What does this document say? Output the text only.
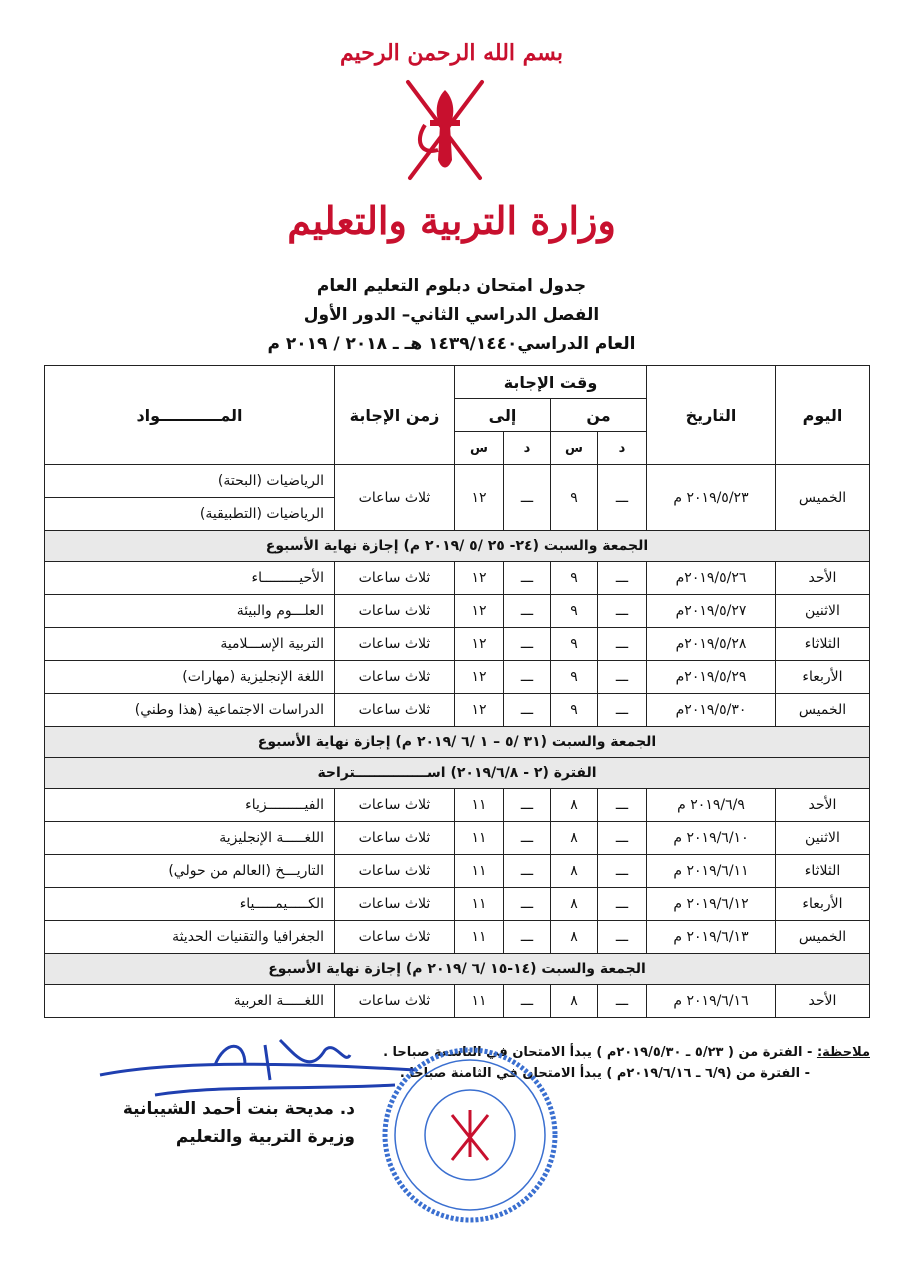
بسم الله الرحمن الرحيم
وزارة التربية والتعليم
جدول امتحان دبلوم التعليم العام
الفصل الدراسي الثاني– الدور الأول
العام الدراسي١٤٣٩/١٤٤٠ هـ ـ ٢٠١٨ / ٢٠١٩ م
اليوم	التاريخ	وقت الإجابة				زمن الإجابة	المـــــــــــواد
		من		إلى			
		د	س	د	س		
الخميس	٢٠١٩/٥/٢٣ م	ـــ	٩	ـــ	١٢	ثلاث ساعات	الرياضيات (البحتة)
							الرياضيات (التطبيقية)
الجمعة والسبت (٢٤- ٢٥ /٥ /٢٠١٩ م) إجازة نهاية الأسبوع							
الأحد	٢٠١٩/٥/٢٦م	ـــ	٩	ـــ	١٢	ثلاث ساعات	الأحيـــــــــاء
الاثنين	٢٠١٩/٥/٢٧م	ـــ	٩	ـــ	١٢	ثلاث ساعات	العلـــوم والبيئة
الثلاثاء	٢٠١٩/٥/٢٨م	ـــ	٩	ـــ	١٢	ثلاث ساعات	التربية الإســـلامية
الأربعاء	٢٠١٩/٥/٢٩م	ـــ	٩	ـــ	١٢	ثلاث ساعات	اللغة الإنجليزية (مهارات)
الخميس	٢٠١٩/٥/٣٠م	ـــ	٩	ـــ	١٢	ثلاث ساعات	الدراسات الاجتماعية (هذا وطني)
الجمعة والسبت (٣١ /٥ – ١ /٦ /٢٠١٩ م) إجازة نهاية الأسبوع							
الفترة (٢ - ٢٠١٩/٦/٨) اســـــــــــــــتراحة							
الأحد	٢٠١٩/٦/٩ م	ـــ	٨	ـــ	١١	ثلاث ساعات	الفيـــــــــزياء
الاثنين	٢٠١٩/٦/١٠ م	ـــ	٨	ـــ	١١	ثلاث ساعات	اللغـــــة الإنجليزية
الثلاثاء	٢٠١٩/٦/١١ م	ـــ	٨	ـــ	١١	ثلاث ساعات	التاريـــخ (العالم من حولي)
الأربعاء	٢٠١٩/٦/١٢ م	ـــ	٨	ـــ	١١	ثلاث ساعات	الكـــــيمـــــياء
الخميس	٢٠١٩/٦/١٣ م	ـــ	٨	ـــ	١١	ثلاث ساعات	الجغرافيا والتقنيات الحديثة
الجمعة والسبت (١٤-١٥ /٦ /٢٠١٩ م) إجازة نهاية الأسبوع							
الأحد	٢٠١٩/٦/١٦ م	ـــ	٨	ـــ	١١	ثلاث ساعات	اللغـــــة العربية
ملاحظة: - الفترة من ( ٥/٢٣ ـ ٢٠١٩/٥/٣٠م ) يبدأ الامتحان في التاسعة صباحا .
- الفترة من (٦/٩ ـ ٢٠١٩/٦/١٦م ) يبدأ الامتحان في الثامنة صباحا .
د. مديحة بنت أحمد الشيبانية
وزيرة التربية والتعليم
